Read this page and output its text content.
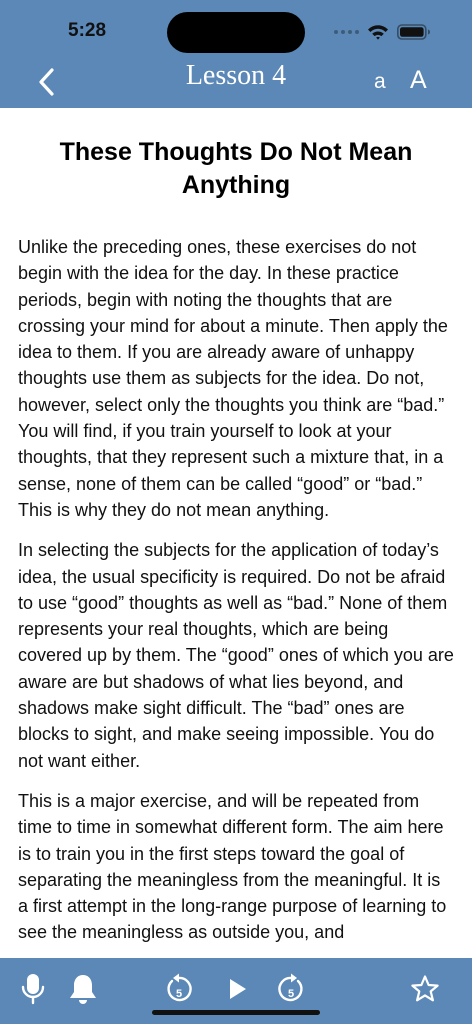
5:28
Lesson 4	a A
These Thoughts Do Not Mean Anything

Unlike the preceding ones, these exercises do not begin with the idea for the day. In these practice periods, begin with noting the thoughts that are crossing your mind for about a minute. Then apply the idea to them. If you are already aware of unhappy thoughts use them as subjects for the idea. Do not, however, select only the thoughts you think are “bad.” You will find, if you train yourself to look at your thoughts, that they represent such a mixture that, in a sense, none of them can be called “good” or “bad.” This is why they do not mean anything.

In selecting the subjects for the application of today’s idea, the usual specificity is required. Do not be afraid to use “good” thoughts as well as “bad.” None of them represents your real thoughts, which are being covered up by them. The “good” ones of which you are aware are but shadows of what lies beyond, and shadows make sight difficult. The “bad” ones are blocks to sight, and make seeing impossible. You do not want either.

This is a major exercise, and will be repeated from time to time in somewhat different form. The aim here is to train you in the first steps toward the goal of separating the meaningless from the meaningful. It is a first attempt in the long-range purpose of learning to see the meaningless as outside you, and

5	5
